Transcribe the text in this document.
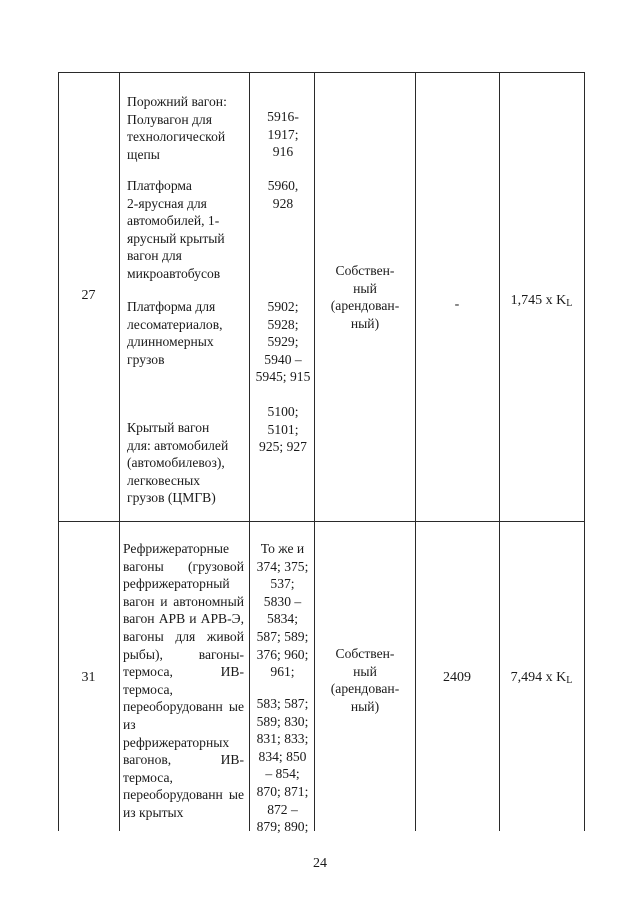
27
Порожний вагон:
Полувагон для
технологической
щепы
5916-
1917;
916
Платформа
2-ярусная для
автомобилей, 1-
ярусный крытый
вагон для
микроавтобусов
5960,
928
Платформа для
лесоматериалов,
длинномерных
грузов
5902;
5928;
5929;
5940 –
5945; 915
Крытый вагон
для: автомобилей
(автомобилевоз),
легковесных
грузов (ЦМГВ)
5100;
5101;
925; 927
Собствен-
ный
(арендован-
ный)
-	1,745 х $K_L$
31
Рефрижераторные вагоны (грузовой рефрижераторный вагон и автономный вагон АРВ и АРВ-Э, вагоны для живой рыбы), вагоны-термоса, ИВ-термоса, переоборудованн ые из рефрижераторных вагонов, ИВ-термоса, переоборудованн ые из крытых
То же и
374; 375;
537;
5830 –
5834;
587; 589;
376; 960;
961;
583; 587;
589; 830;
831; 833;
834; 850
– 854;
870; 871;
872 –
879; 890;
Собствен-
ный
(арендован-
ный)
2409	7,494 х $K_L$
24
